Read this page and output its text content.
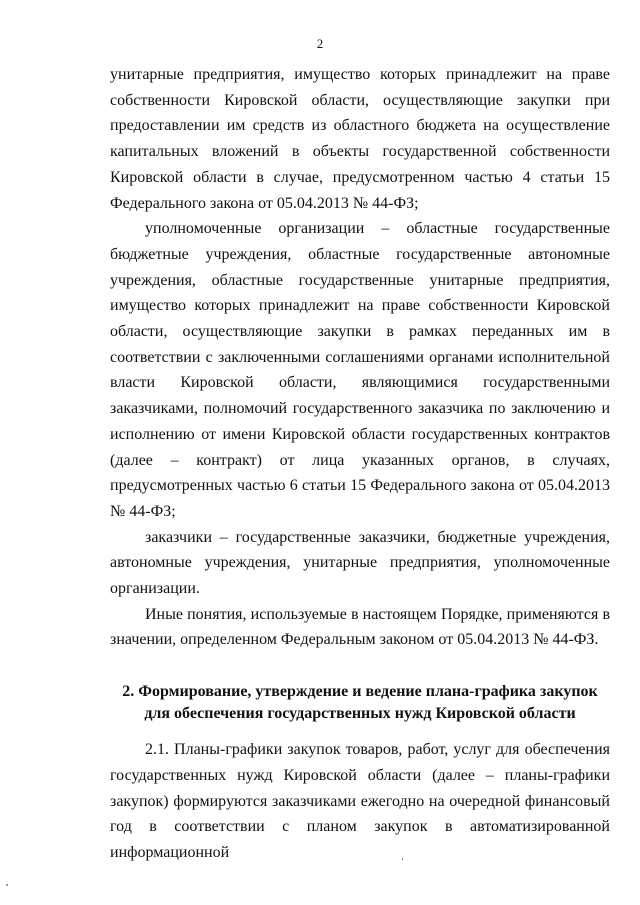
2

унитарные предприятия, имущество которых принадлежит на праве собственности Кировской области, осуществляющие закупки при предоставлении им средств из областного бюджета на осуществление капитальных вложений в объекты государственной собственности Кировской области в случае, предусмотренном частью 4 статьи 15 Федерального закона от 05.04.2013 № 44-ФЗ;

уполномоченные организации – областные государственные бюджетные учреждения, областные государственные автономные учреждения, областные государственные унитарные предприятия, имущество которых принадлежит на праве собственности Кировской области, осуществляющие закупки в рамках переданных им в соответствии с заключенными соглашениями органами исполнительной власти Кировской области, являющимися государственными заказчиками, полномочий государственного заказчика по заключению и исполнению от имени Кировской области государственных контрактов (далее – контракт) от лица указанных органов, в случаях, предусмотренных частью 6 статьи 15 Федерального закона от 05.04.2013 № 44-ФЗ;

заказчики – государственные заказчики, бюджетные учреждения, автономные учреждения, унитарные предприятия, уполномоченные организации.

Иные понятия, используемые в настоящем Порядке, применяются в значении, определенном Федеральным законом от 05.04.2013 № 44-ФЗ.

2. Формирование, утверждение и ведение плана-графика закупок

для обеспечения государственных нужд Кировской области

2.1. Планы-графики закупок товаров, работ, услуг для обеспечения государственных нужд Кировской области (далее – планы-графики закупок) формируются заказчиками ежегодно на очередной финансовый год в соответствии с планом закупок в автоматизированной информационной
